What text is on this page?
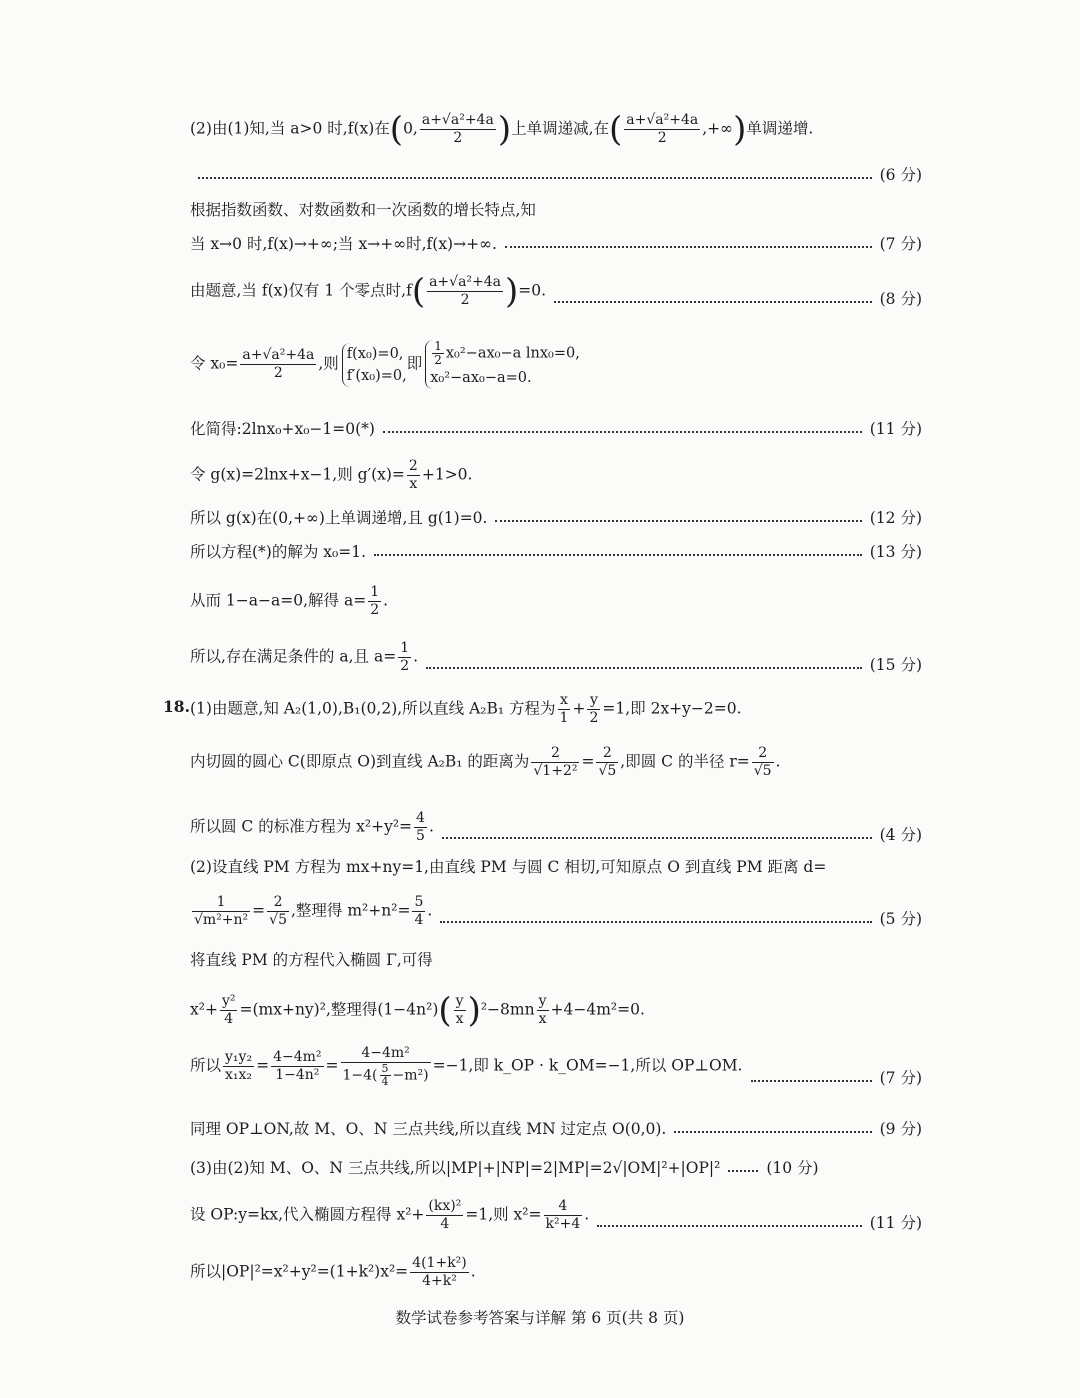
(2)由(1)知,当 a>0 时,f(x)在(0, $\frac{\text{a+√a²+4a}}{2}$ )上单调递减,在( $\frac{\text{a+√a²+4a}}{2}$ ,+∞)单调递增.
(6 分)
根据指数函数、对数函数和一次函数的增长特点,知
当 x→0 时,f(x)→+∞;当 x→+∞时,f(x)→+∞.	(7 分)
由题意,当 f(x)仅有 1 个零点时$,f( \frac{\text{a+√a²+4a}}{2} )=0$.	(8 分)
令 $x_0= \frac{\text{a+√a²+4a}}{2}$ ,则
f(x₀)=0,
f′(x₀)=0,
即 $\frac{1}{2} x_0^2-ax_0-a$ lnx₀=0,
x₀²−ax₀−a=0.
化简得:2lnx₀+x₀−1=0(*)	(11 分)
令 g(x)=2lnx+x−1,则 $g'(x)= \frac{2}{x} +1>0$.
所以 g(x)在(0,+∞)上单调递增,且 g(1)=0.	(12 分)
所以方程(*)的解为 x₀=1.	(13 分)
从而 1−a−a=0,解得 $a= \frac{1}{2}$ .
所以,存在满足条件的 a,且 $a= \frac{1}{2}$ .	(15 分)
18. (1)由题意,知 A₂(1,0),B₁(0,2),所以直线 A₂B₁ 方程为 $\frac{x}{1} + \frac{y}{2} =1$,即 2x+y−2=0.
内切圆的圆心 C(即原点 O)到直线 A₂B₁ 的距离为 $\frac{2}{\text{√1+2²}} = \frac{2}{√5}$ ,即圆 C 的半径 $r= \frac{2}{√5}$ .
所以圆 C 的标准方程为 $x^2+y^2= \frac{4}{5}$ .	(4 分)
(2)设直线 PM 方程为 mx+ny=1,由直线 PM 与圆 C 相切,可知原点 O 到直线 PM 距离 d=
$\frac{1}{\text{√m²+n²}} = \frac{2}{√5}$ ,整理得 $m^2+n^2= \frac{5}{4}$ .	(5 分)
将直线 PM 的方程代入椭圆 Γ,可得
$x^2+ \frac{\text{y²}}{4} =(mx+ny)^2$,整理得$(1-4n^2)( \frac{y}{x} )^2-8mn \frac{y}{x} +4-4m^2=0$.
所以 $\frac{\text{y₁y₂}}{\text{x₁x₂}} = \frac{\text{4−4m²}}{\text{1−4n²}} = \frac{\text{4−4m²}}{1-4( \frac{5}{4} -m^2)} =-1$,即 k_OP · k_OM=−1,所以 OP⊥OM.
(7 分)
同理 OP⊥ON,故 M、O、N 三点共线,所以直线 MN 过定点 O(0,0).	(9 分)
(3)由(2)知 M、O、N 三点共线,所以|MP|+|NP|=2|MP|=2√|OM|²+|OP|²	(10 分)
设 OP:y=kx,代入椭圆方程得 $x^2+ \frac{\text{(kx)²}}{4} =1$,则 $x^2= \frac{4}{\text{k²+4}}$ .	(11 分)
所以$|OP|^2=x^2+y^2=(1+k^2)x^2= \frac{\text{4(1+k²)}}{\text{4+k²}}$ .
数学试卷参考答案与详解 第 6 页(共 8 页)
